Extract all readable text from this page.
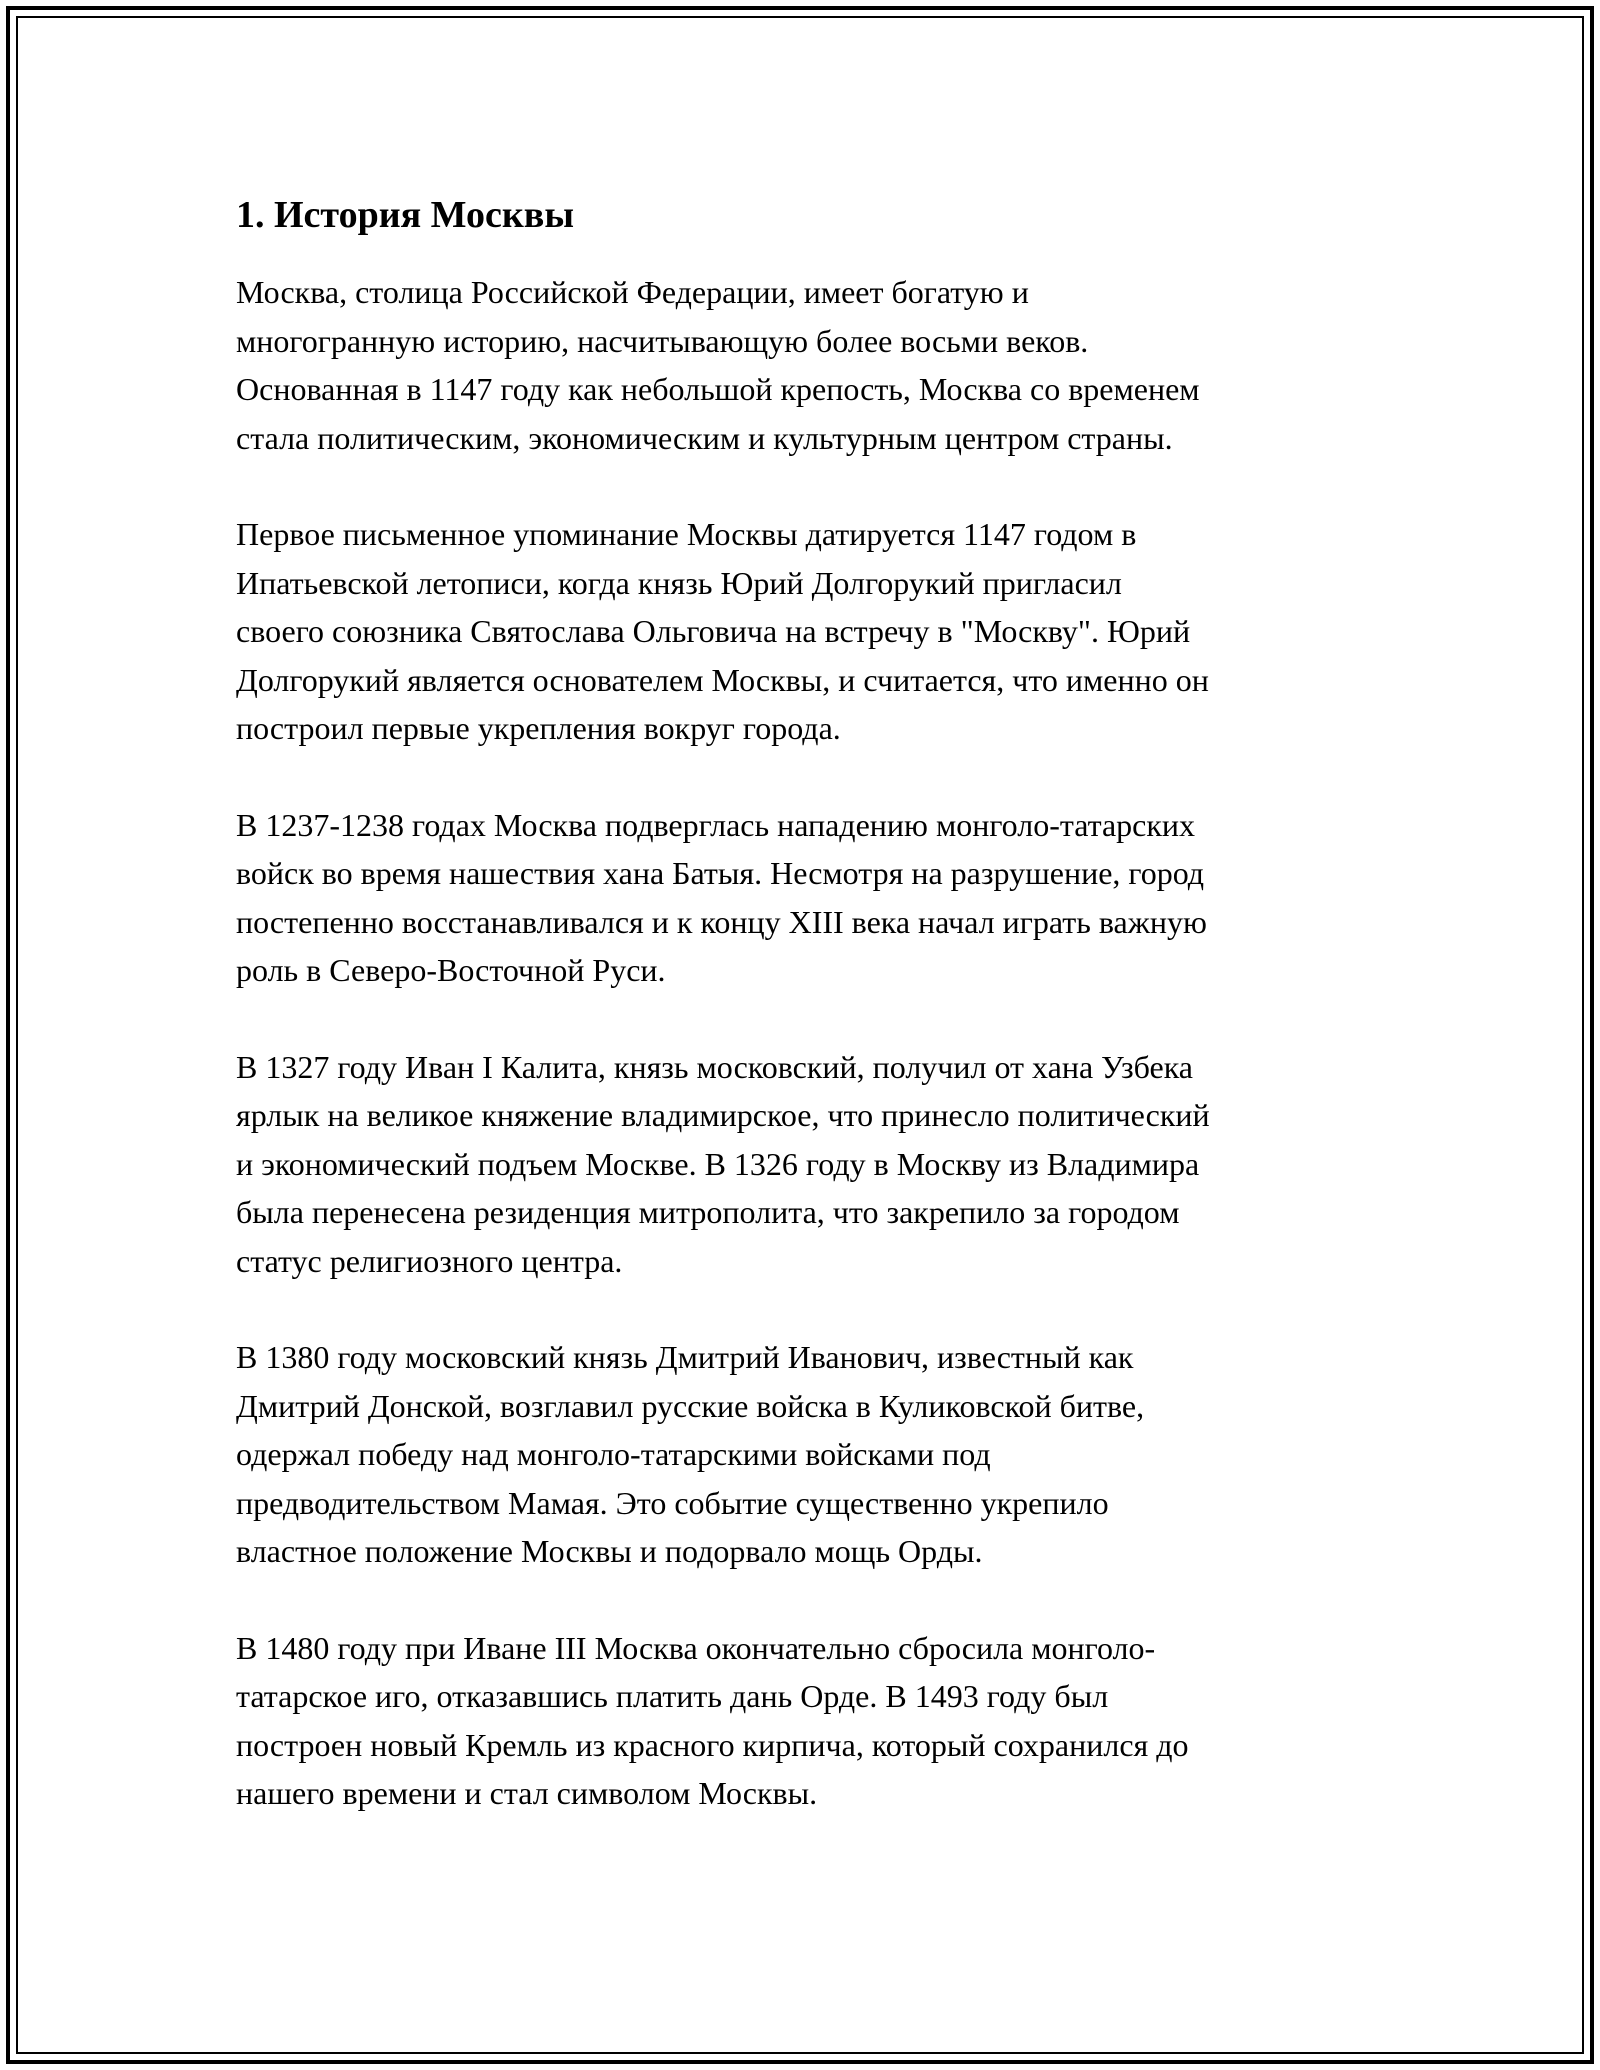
1. История Москвы

Москва, столица Российской Федерации, имеет богатую и
многогранную историю, насчитывающую более восьми веков.
Основанная в 1147 году как небольшой крепость, Москва со временем
стала политическим, экономическим и культурным центром страны.

Первое письменное упоминание Москвы датируется 1147 годом в
Ипатьевской летописи, когда князь Юрий Долгорукий пригласил
своего союзника Святослава Ольговича на встречу в "Москву". Юрий
Долгорукий является основателем Москвы, и считается, что именно он
построил первые укрепления вокруг города.

В 1237-1238 годах Москва подверглась нападению монголо-татарских
войск во время нашествия хана Батыя. Несмотря на разрушение, город
постепенно восстанавливался и к концу XIII века начал играть важную
роль в Северо-Восточной Руси.

В 1327 году Иван I Калита, князь московский, получил от хана Узбека
ярлык на великое княжение владимирское, что принесло политический
и экономический подъем Москве. В 1326 году в Москву из Владимира
была перенесена резиденция митрополита, что закрепило за городом
статус религиозного центра.

В 1380 году московский князь Дмитрий Иванович, известный как
Дмитрий Донской, возглавил русские войска в Куликовской битве,
одержал победу над монголо-татарскими войсками под
предводительством Мамая. Это событие существенно укрепило
властное положение Москвы и подорвало мощь Орды.

В 1480 году при Иване III Москва окончательно сбросила монголо-
татарское иго, отказавшись платить дань Орде. В 1493 году был
построен новый Кремль из красного кирпича, который сохранился до
нашего времени и стал символом Москвы.
